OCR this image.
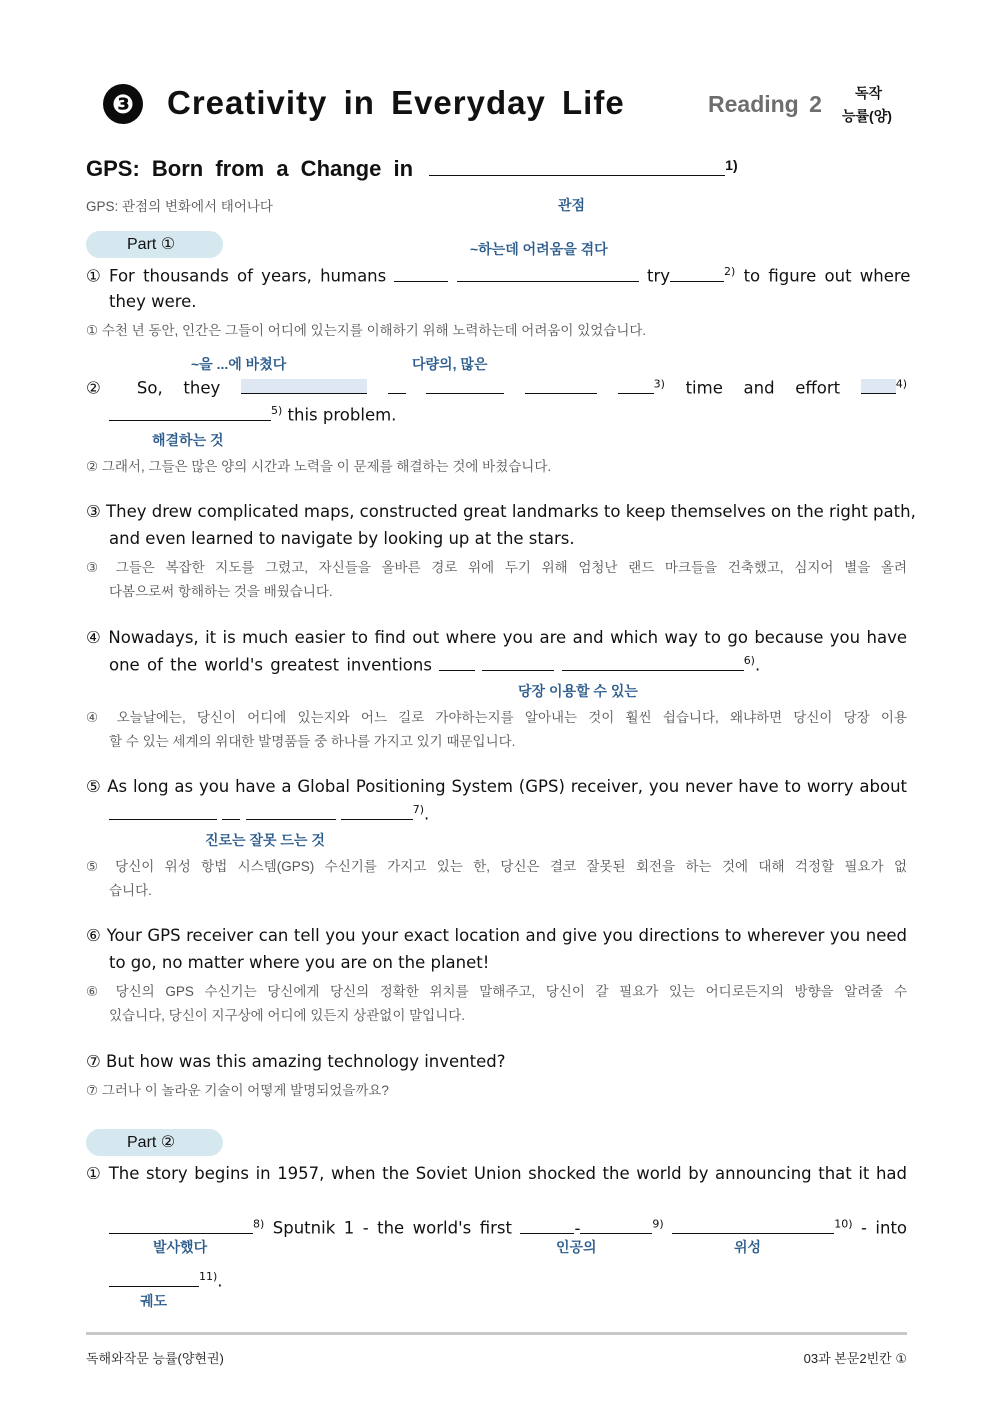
❸ Creativity in Everyday Life	Reading 2 독작
능률(양)
GPS: Born from a Change in	$^{1)}$
GPS: 관점의 변화에서 태어나다	관점
Part ①	~하는데 어려움을 겪다
① For thousands of years, humans	try	$^{2)}$ to figure out where
they were.
① 수천 년 동안, 인간은 그들이 어디에 있는지를 이해하기 위해 노력하는데 어려움이 있었습니다.
~을 ...에 바쳤다	다량의, 많은
② So, they	$^{3)}$ time and effort	$^{4)}$
$^{5)}$ this problem.
해결하는 것
② 그래서, 그들은 많은 양의 시간과 노력을 이 문제를 해결하는 것에 바쳤습니다.
③ They drew complicated maps, constructed great landmarks to keep themselves on the right path,
and even learned to navigate by looking up at the stars.
③ 그들은 복잡한 지도를 그렸고, 자신들을 올바른 경로 위에 두기 위해 엄청난 랜드 마크들을 건축했고, 심지어 별을 올려
다봄으로써 항해하는 것을 배웠습니다.
④ Nowadays, it is much easier to find out where you are and which way to go because you have
one of the world's greatest inventions	$^{6)}$.
당장 이용할 수 있는
④ 오늘날에는, 당신이 어디에 있는지와 어느 길로 가야하는지를 알아내는 것이 훨씬 쉽습니다, 왜냐하면 당신이 당장 이용
할 수 있는 세계의 위대한 발명품들 중 하나를 가지고 있기 때문입니다.
⑤ As long as you have a Global Positioning System (GPS) receiver, you never have to worry about
$^{7)}$.
진로는 잘못 드는 것
⑤ 당신이 위성 항법 시스템(GPS) 수신기를 가지고 있는 한, 당신은 결코 잘못된 회전을 하는 것에 대해 걱정할 필요가 없
습니다.
⑥ Your GPS receiver can tell you your exact location and give you directions to wherever you need
to go, no matter where you are on the planet!
⑥ 당신의 GPS 수신기는 당신에게 당신의 정확한 위치를 말해주고, 당신이 갈 필요가 있는 어디로든지의 방향을 알려줄 수
있습니다, 당신이 지구상에 어디에 있든지 상관없이 말입니다.
⑦ But how was this amazing technology invented?
⑦ 그러나 이 놀라운 기술이 어떻게 발명되었을까요?
Part ②
① The story begins in 1957, when the Soviet Union shocked the world by announcing that it had
$^{8)}$ Sputnik 1 - the world's first	-	$^{9)}$	$^{10)}$ - into
발사했다	인공의	위성
$^{11)}$.
궤도
독해와작문 능률(양현권)	03과 본문2빈칸 ①
